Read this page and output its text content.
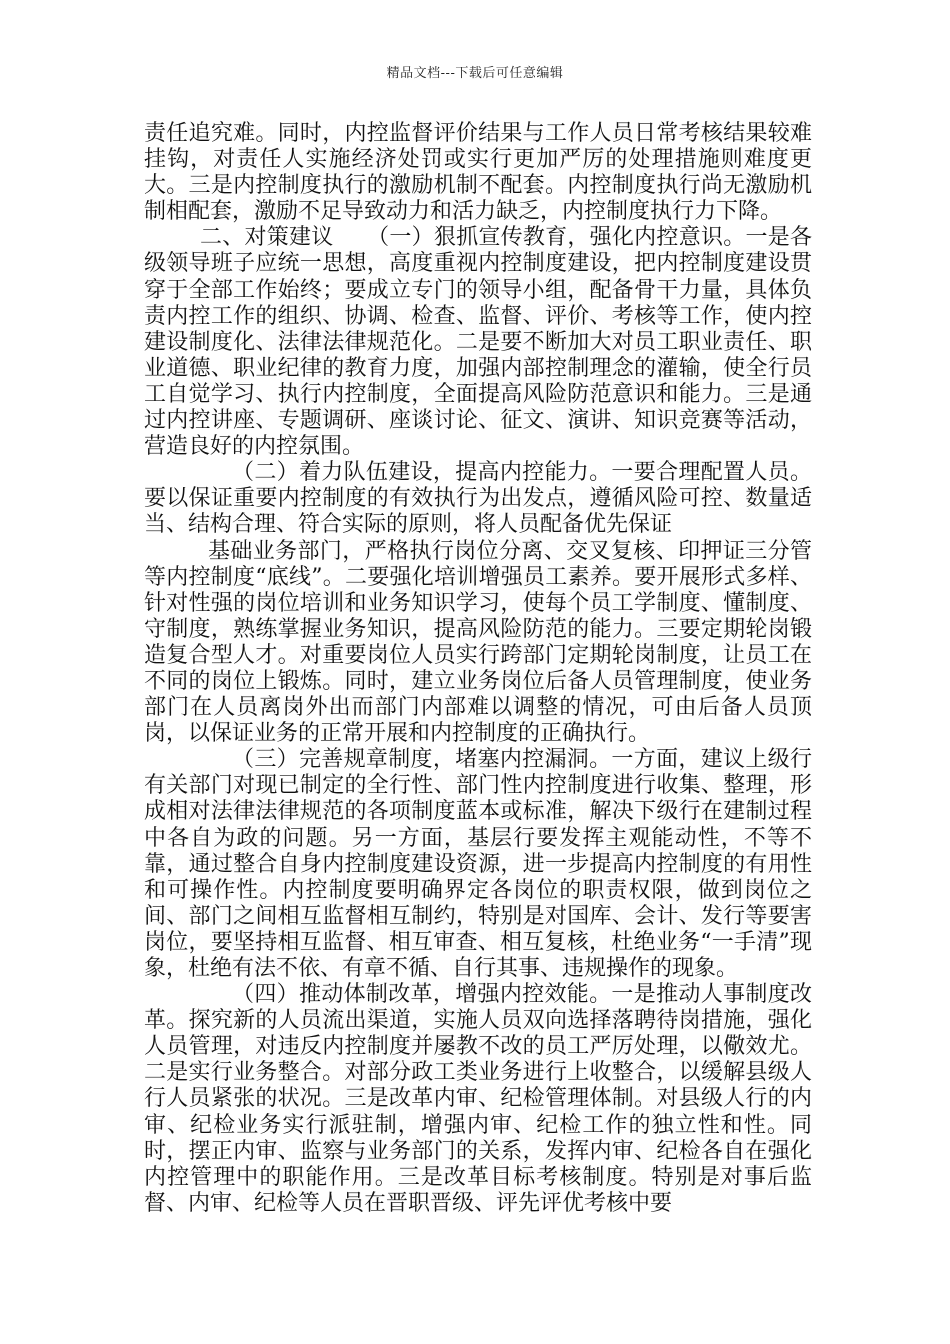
精品文档---下载后可任意编辑

责任追究难。同时，内控监督评价结果与工作人员日常考核结果较难挂钩，对责任人实施经济处罚或实行更加严厉的处理措施则难度更大。三是内控制度执行的激励机制不配套。内控制度执行尚无激励机制相配套，激励不足导致动力和活力缺乏，内控制度执行力下降。

二、对策建议　　（一）狠抓宣传教育，强化内控意识。一是各级领导班子应统一思想，高度重视内控制度建设，把内控制度建设贯穿于全部工作始终；要成立专门的领导小组，配备骨干力量，具体负责内控工作的组织、协调、检查、监督、评价、考核等工作，使内控建设制度化、法律法律规范化。二是要不断加大对员工职业责任、职业道德、职业纪律的教育力度，加强内部控制理念的灌输，使全行员工自觉学习、执行内控制度，全面提高风险防范意识和能力。三是通过内控讲座、专题调研、座谈讨论、征文、演讲、知识竞赛等活动，营造良好的内控氛围。

（二）着力队伍建设，提高内控能力。一要合理配置人员。要以保证重要内控制度的有效执行为出发点，遵循风险可控、数量适当、结构合理、符合实际的原则，将人员配备优先保证

基础业务部门，严格执行岗位分离、交叉复核、印押证三分管等内控制度“底线”。二要强化培训增强员工素养。要开展形式多样、针对性强的岗位培训和业务知识学习，使每个员工学制度、懂制度、守制度，熟练掌握业务知识，提高风险防范的能力。三要定期轮岗锻造复合型人才。对重要岗位人员实行跨部门定期轮岗制度，让员工在不同的岗位上锻炼。同时，建立业务岗位后备人员管理制度，使业务部门在人员离岗外出而部门内部难以调整的情况，可由后备人员顶岗，以保证业务的正常开展和内控制度的正确执行。

（三）完善规章制度，堵塞内控漏洞。一方面，建议上级行有关部门对现已制定的全行性、部门性内控制度进行收集、整理，形成相对法律法律规范的各项制度蓝本或标准，解决下级行在建制过程中各自为政的问题。另一方面，基层行要发挥主观能动性，不等不靠，通过整合自身内控制度建设资源，进一步提高内控制度的有用性和可操作性。内控制度要明确界定各岗位的职责权限，做到岗位之间、部门之间相互监督相互制约，特别是对国库、会计、发行等要害岗位，要坚持相互监督、相互审查、相互复核，杜绝业务“一手清”现象，杜绝有法不依、有章不循、自行其事、违规操作的现象。

（四）推动体制改革，增强内控效能。一是推动人事制度改革。探究新的人员流出渠道，实施人员双向选择落聘待岗措施，强化人员管理，对违反内控制度并屡教不改的员工严厉处理，以儆效尤。二是实行业务整合。对部分政工类业务进行上收整合，以缓解县级人行人员紧张的状况。三是改革内审、纪检管理体制。对县级人行的内审、纪检业务实行派驻制，增强内审、纪检工作的独立性和性。同时，摆正内审、监察与业务部门的关系，发挥内审、纪检各自在强化内控管理中的职能作用。三是改革目标考核制度。特别是对事后监督、内审、纪检等人员在晋职晋级、评先评优考核中要
